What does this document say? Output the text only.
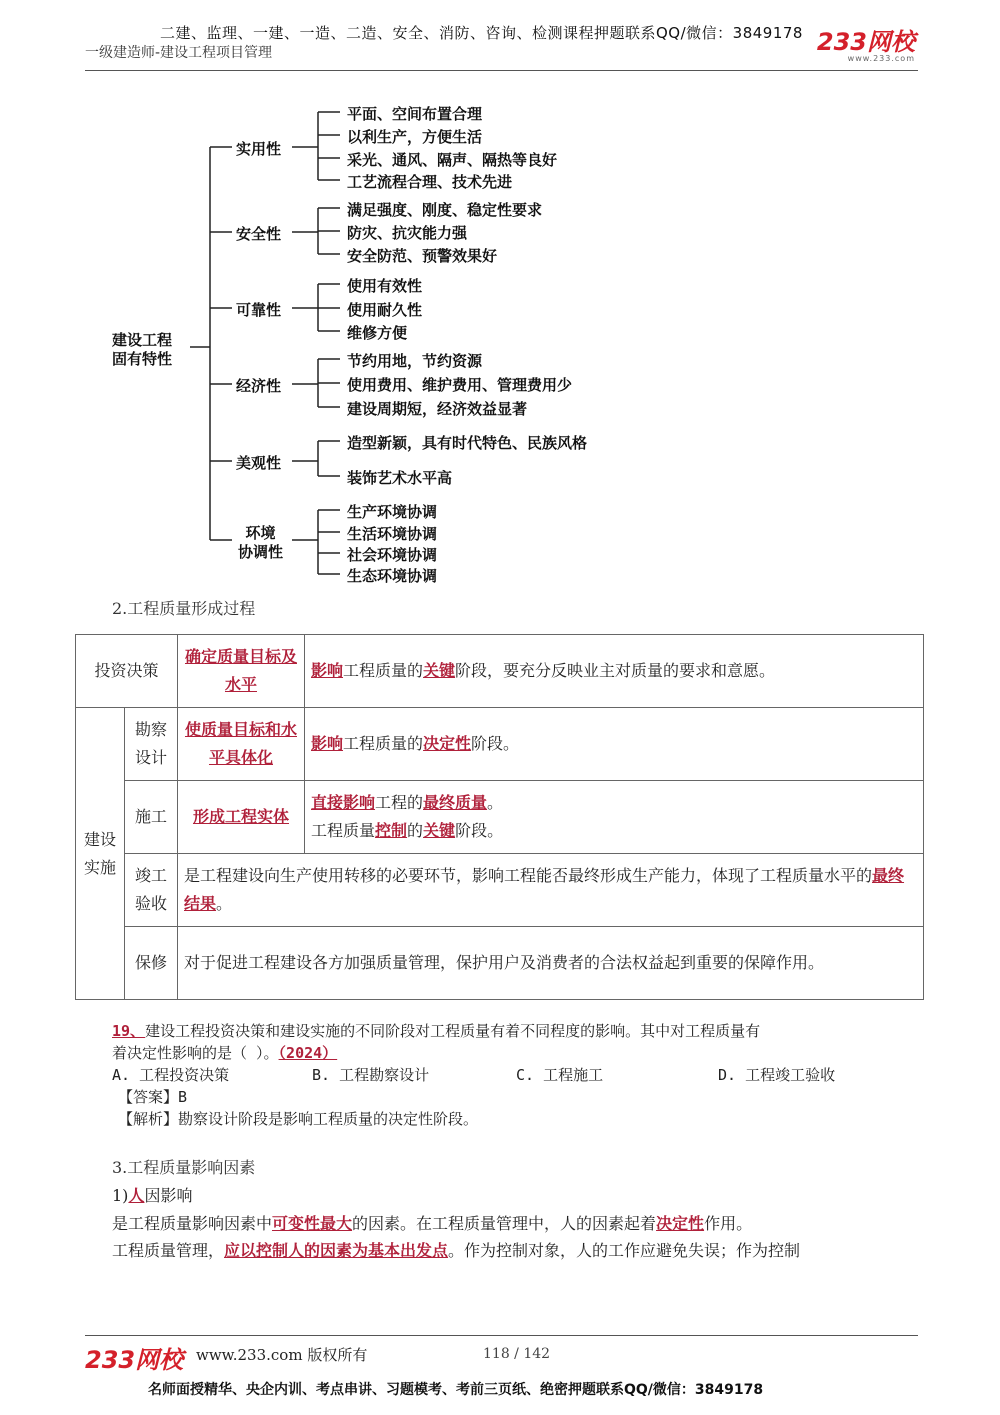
二建、监理、一建、一造、二造、安全、消防、咨询、检测课程押题联系QQ/微信：3849178
一级建造师-建设工程项目管理	233网校
www.233.com
建设工程
固有特性
实用性
安全性
可靠性
经济性
美观性
环境
协调性
平面、空间布置合理
以利生产，方便生活
采光、通风、隔声、隔热等良好
工艺流程合理、技术先进
满足强度、刚度、稳定性要求
防灾、抗灾能力强
安全防范、预警效果好
使用有效性
使用耐久性
维修方便
节约用地，节约资源
使用费用、维护费用、管理费用少
建设周期短，经济效益显著
造型新颖，具有时代特色、民族风格
装饰艺术水平高
生产环境协调
生活环境协调
社会环境协调
生态环境协调
2.工程质量形成过程
投资决策		确定质量目标及水平	影响工程质量的关键阶段，要充分反映业主对质量的要求和意愿。
建设实施	勘察设计	使质量目标和水平具体化	影响工程质量的决定性阶段。
	施工	形成工程实体	直接影响工程的最终质量。
工程质量控制的关键阶段。

	竣工验收	是工程建设向生产使用转移的必要环节，影响工程能否最终形成生产能力，体现了工程质量水平的最终结果。	
	保修	对于促进工程建设各方加强质量管理，保护用户及消费者的合法权益起到重要的保障作用。	
19、建设工程投资决策和建设实施的不同阶段对工程质量有着不同程度的影响。其中对工程质量有
着决定性影响的是（ ）。（2024）
A. 工程投资决策	B. 工程勘察设计	C. 工程施工	D. 工程竣工验收
【答案】B
【解析】勘察设计阶段是影响工程质量的决定性阶段。
3.工程质量影响因素
1)人因影响
是工程质量影响因素中可变性最大的因素。在工程质量管理中，人的因素起着决定性作用。
工程质量管理，应以控制人的因素为基本出发点。作为控制对象，人的工作应避免失误；作为控制
233网校 www.233.com 版权所有	118 / 142
名师面授精华、央企内训、考点串讲、习题模考、考前三页纸、绝密押题联系QQ/微信：3849178
